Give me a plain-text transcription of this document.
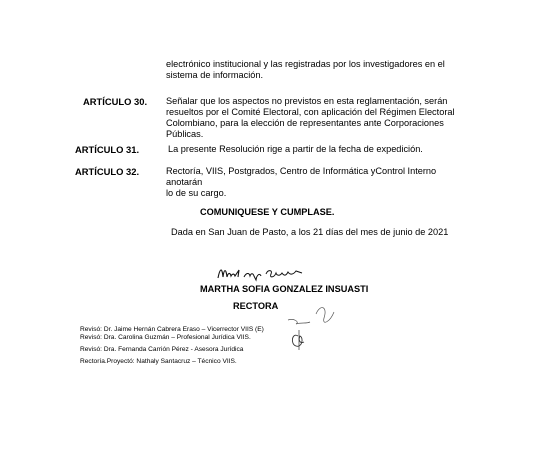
electrónico institucional y las registradas por los investigadores en el
sistema de información.
ARTÍCULO 30. Señalar que los aspectos no previstos en esta reglamentación, serán
resueltos por el Comité Electoral, con aplicación del Régimen Electoral
Colombiano, para la elección de representantes ante Corporaciones
Públicas.
ARTÍCULO 31.	La presente Resolución rige a partir de la fecha de expedición.
ARTÍCULO 32.	Rectoría, VIIS, Postgrados, Centro de Informática yControl Interno anotarán
lo de su cargo.
COMUNIQUESE Y CUMPLASE.
Dada en San Juan de Pasto, a los 21 días del mes de junio de 2021
MARTHA SOFIA GONZALEZ INSUASTI
RECTORA
Revisó: Dr. Jaime Hernán Cabrera Eraso – Vicerrector VIIS (E)
Revisó: Dra. Carolina Guzmán – Profesional Jurídica VIIS.
Revisó: Dra. Fernanda Carrión Pérez - Asesora Jurídica
Rectoría.Proyectó: Nathaly Santacruz – Técnico VIIS.
